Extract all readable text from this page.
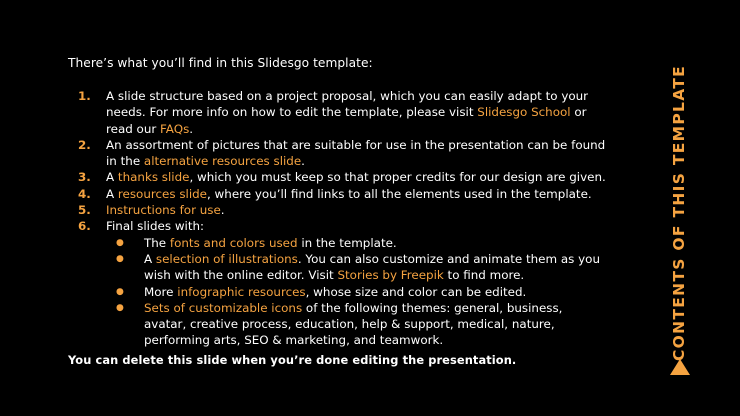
There’s what you’ll find in this Slidesgo template:
1. A slide structure based on a project proposal, which you can easily adapt to your needs. For more info on how to edit the template, please visit Slidesgo School or read our FAQs.
2. An assortment of pictures that are suitable for use in the presentation can be found in the alternative resources slide.
3. A thanks slide, which you must keep so that proper credits for our design are given.
4. A resources slide, where you’ll find links to all the elements used in the template.
5. Instructions for use.
6. Final slides with:
● The fonts and colors used in the template.
● A selection of illustrations. You can also customize and animate them as you wish with the online editor. Visit Stories by Freepik to find more.
● More infographic resources, whose size and color can be edited.
● Sets of customizable icons of the following themes: general, business, avatar, creative process, education, help & support, medical, nature, performing arts, SEO & marketing, and teamwork.
You can delete this slide when you’re done editing the presentation.	CONTENTS OF THIS TEMPLATE
